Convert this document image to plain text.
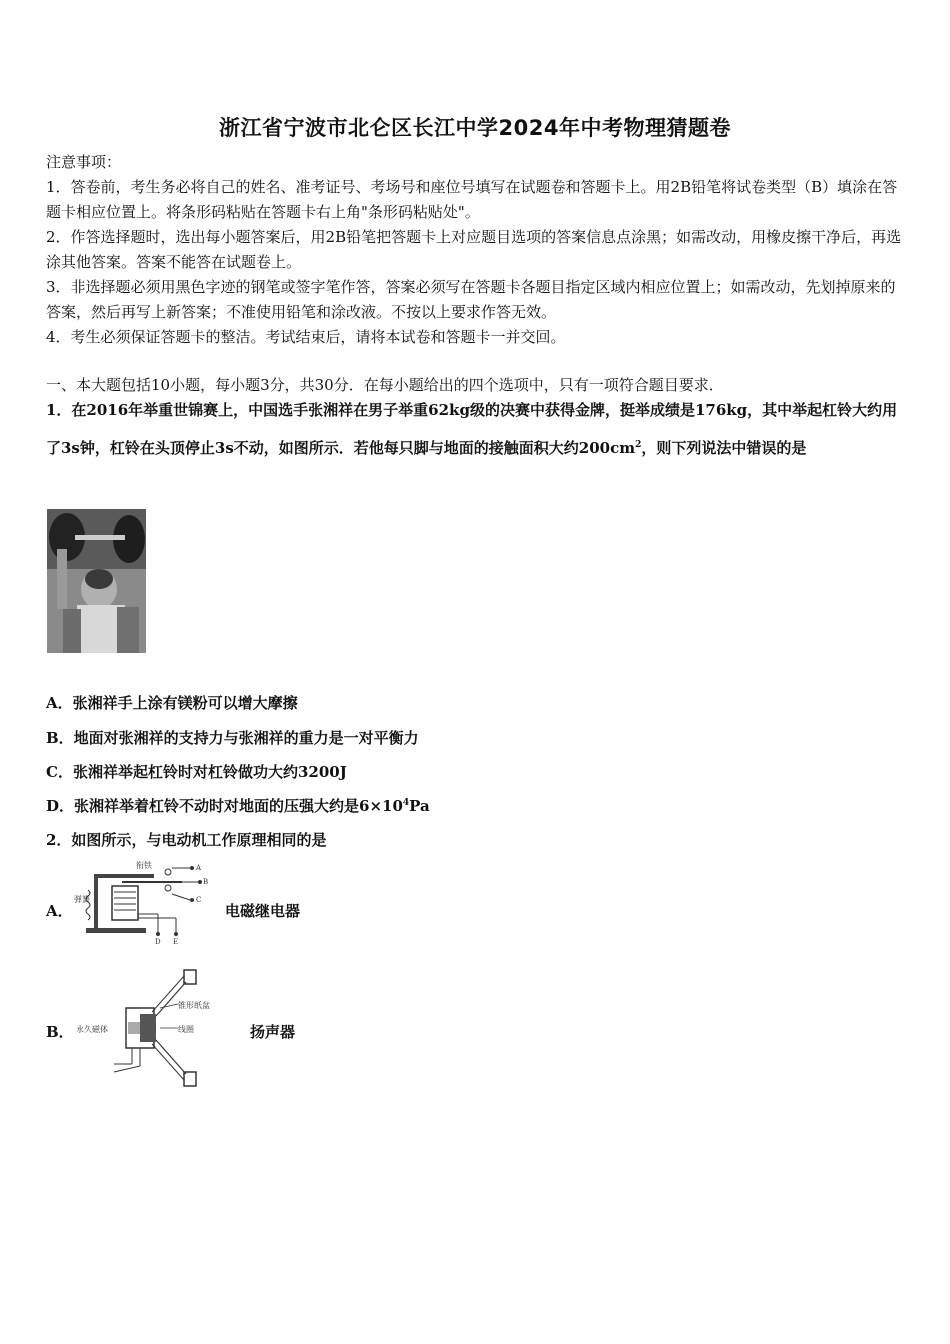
浙江省宁波市北仑区长江中学2024年中考物理猜题卷

注意事项：

1．答卷前，考生务必将自己的姓名、准考证号、考场号和座位号填写在试题卷和答题卡上。用2B铅笔将试卷类型（B）填涂在答题卡相应位置上。将条形码粘贴在答题卡右上角"条形码粘贴处"。

2．作答选择题时，选出每小题答案后，用2B铅笔把答题卡上对应题目选项的答案信息点涂黑；如需改动，用橡皮擦干净后，再选涂其他答案。答案不能答在试题卷上。

3．非选择题必须用黑色字迹的钢笔或签字笔作答，答案必须写在答题卡各题目指定区域内相应位置上；如需改动，先划掉原来的答案，然后再写上新答案；不准使用铅笔和涂改液。不按以上要求作答无效。

4．考生必须保证答题卡的整洁。考试结束后，请将本试卷和答题卡一并交回。

一、本大题包括10小题，每小题3分，共30分．在每小题给出的四个选项中，只有一项符合题目要求．

1．在2016年举重世锦赛上，中国选手张湘祥在男子举重62kg级的决赛中获得金牌，挺举成绩是176kg，其中举起杠铃大约用了3s钟，杠铃在头顶停止3s不动，如图所示．若他每只脚与地面的接触面积大约$200cm^2$，则下列说法中错误的是

A．张湘祥手上涂有镁粉可以增大摩擦
B．地面对张湘祥的支持力与张湘祥的重力是一对平衡力
C．张湘祥举起杠铃时对杠铃做功大约3200J
D．张湘祥举着杠铃不动时对地面的压强大约是$6\times 10^4Pa$
2．如图所示，与电动机工作原理相同的是
A．
衔铁
弹簧
A
B
C
D E
电磁继电器
B．
锥形纸盆
永久磁体	线圈	扬声器
